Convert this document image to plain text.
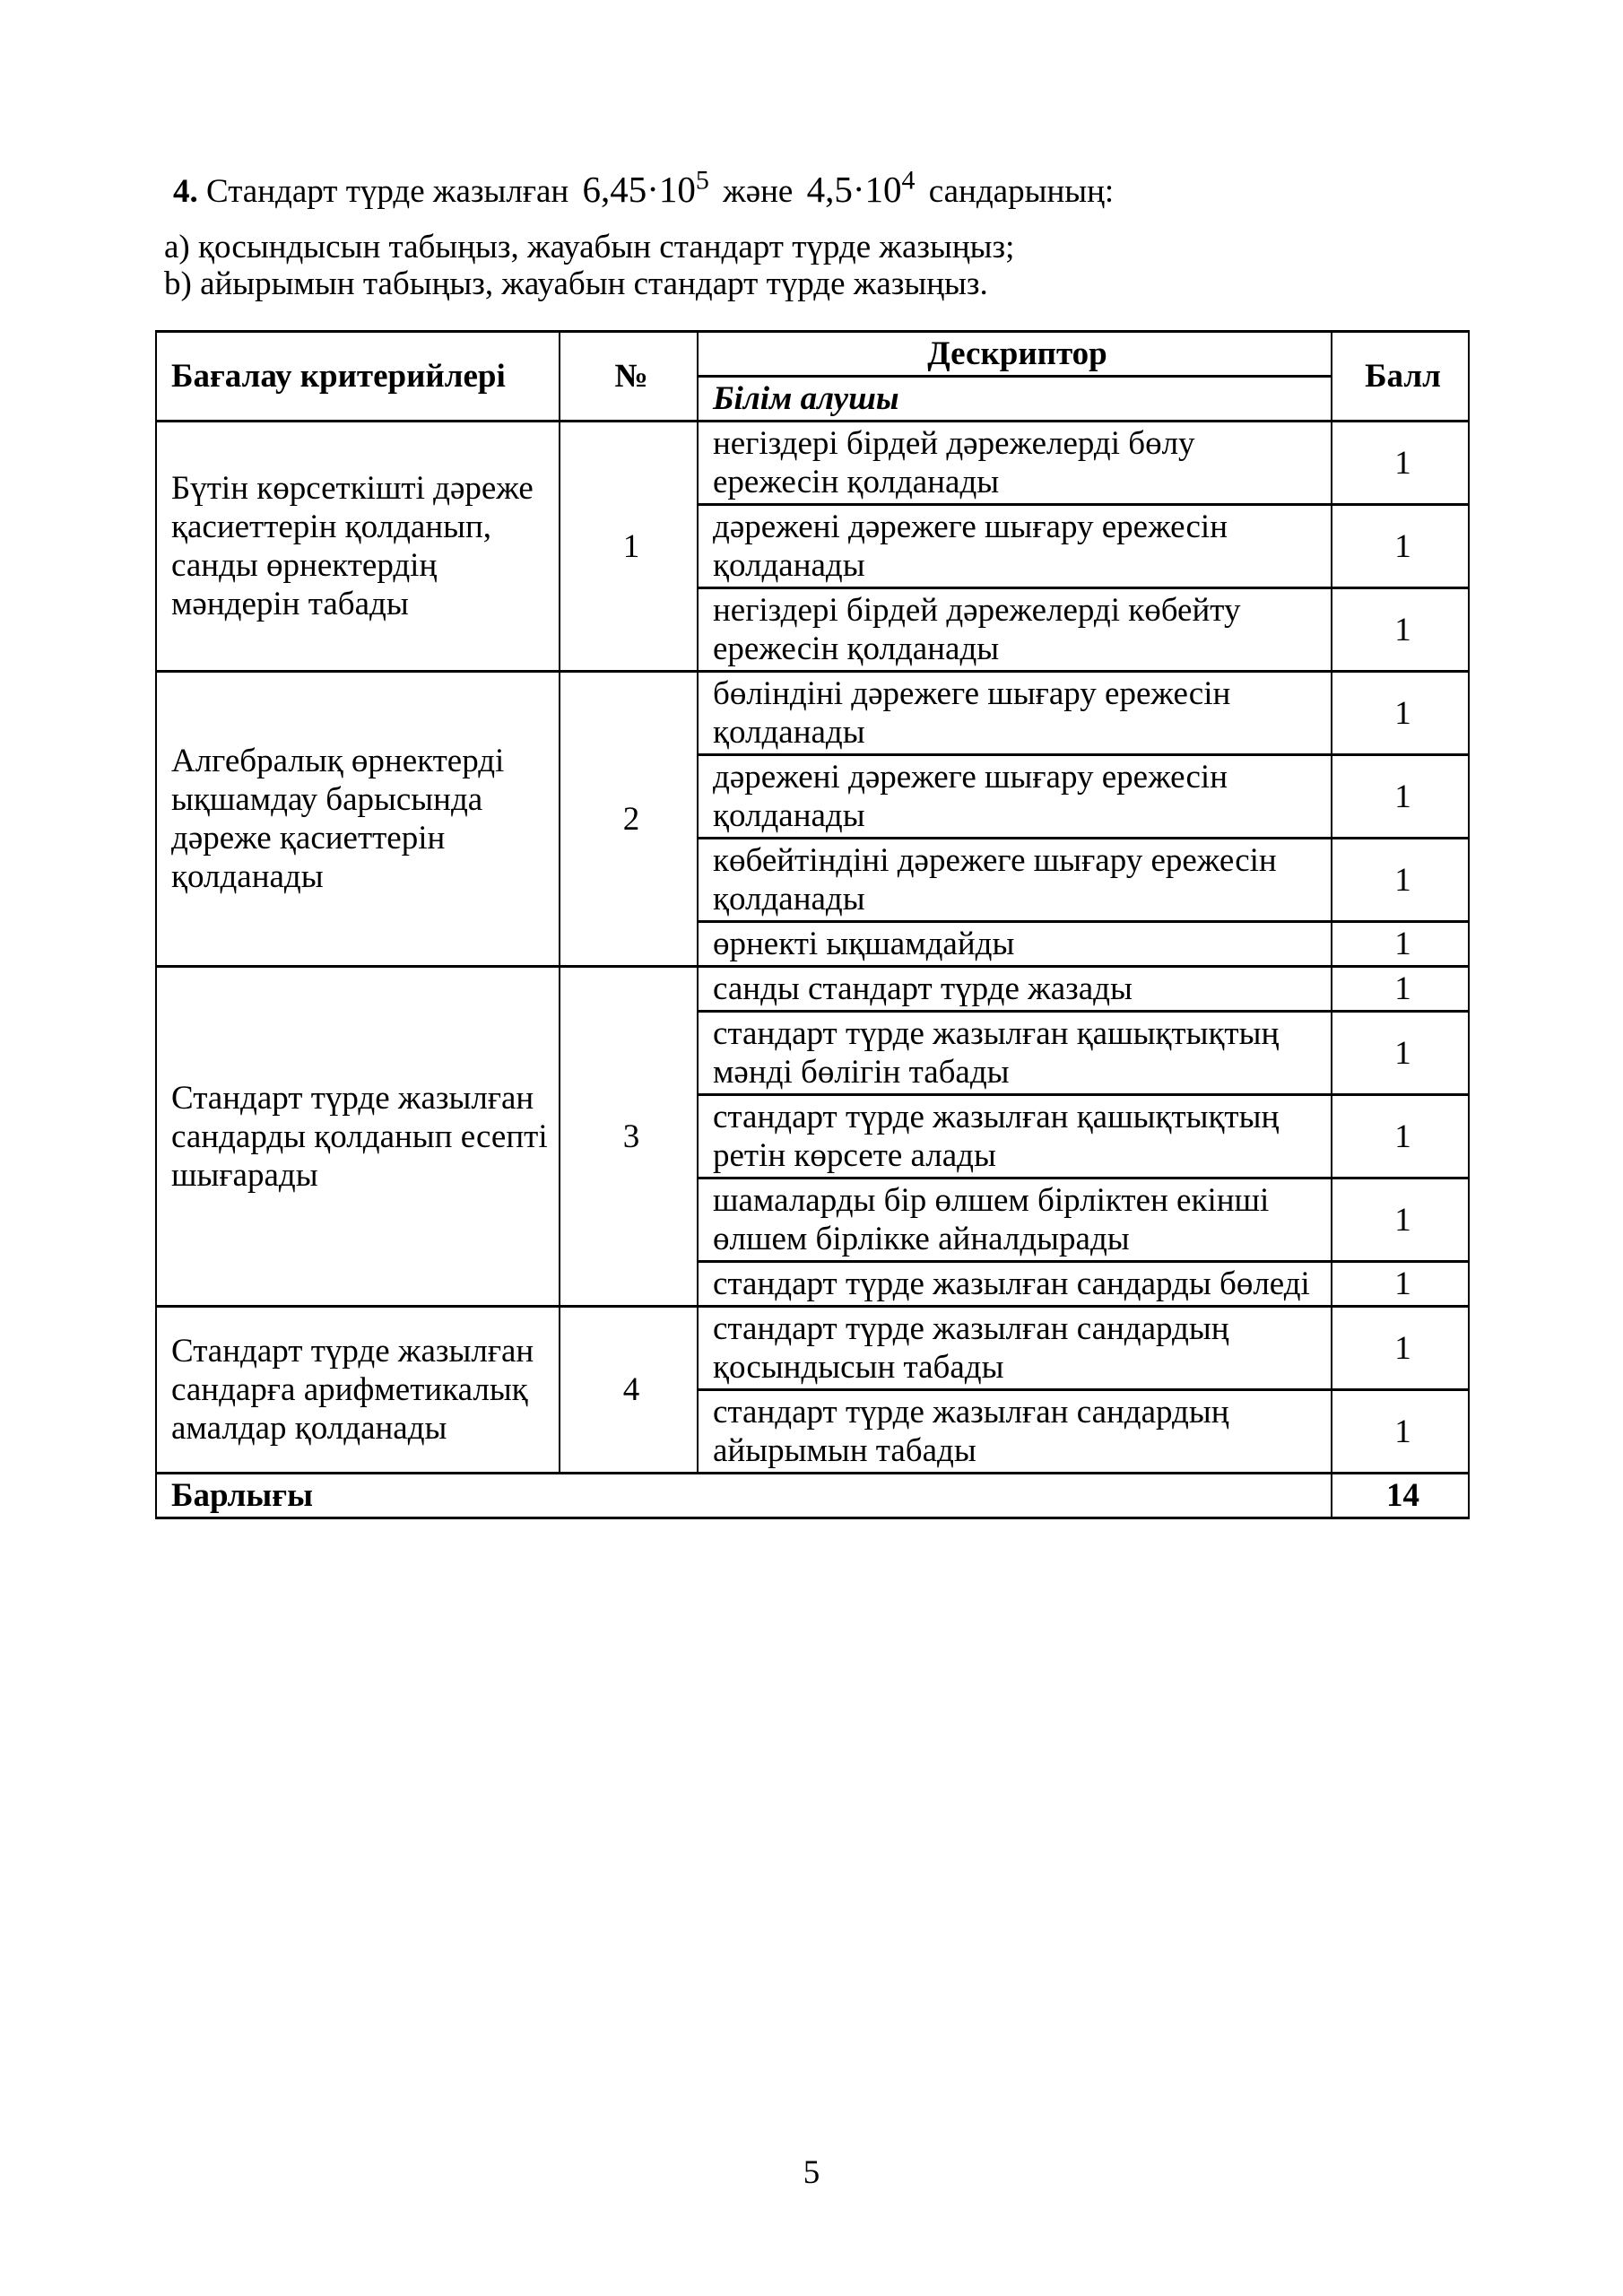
4. Стандарт түрде жазылған $6,45\cdot 10^5$ және $4,5\cdot 10^4$ сандарының:

a) қосындысын табыңыз, жауабын стандарт түрде жазыңыз;

b) айырымын табыңыз, жауабын стандарт түрде жазыңыз.

Бағалау критерийлері	№	Дескриптор	Балл
		Білім алушы	
Бүтін көрсеткішті дәреже қасиеттерін қолданып, санды өрнектердің мәндерін табады	1	негіздері бірдей дәрежелерді бөлу ережесін қолданады	1
		дәрежені дәрежеге шығару ережесін қолданады	1
		негіздері бірдей дәрежелерді көбейту ережесін қолданады	1
Алгебралық өрнектерді ықшамдау барысында дәреже қасиеттерін қолданады	2	бөліндіні дәрежеге шығару ережесін қолданады	1
		дәрежені дәрежеге шығару ережесін қолданады	1
		көбейтіндіні дәрежеге шығару ережесін қолданады	1
		өрнекті ықшамдайды	1
Стандарт түрде жазылған сандарды қолданып есепті шығарады	3	санды стандарт түрде жазады	1
		стандарт түрде жазылған қашықтықтың мәнді бөлігін табады	1
		стандарт түрде жазылған қашықтықтың ретін көрсете алады	1
		шамаларды бір өлшем бірліктен екінші өлшем бірлікке айналдырады	1
		стандарт түрде жазылған сандарды бөледі	1
Стандарт түрде жазылған сандарға арифметикалық амалдар қолданады	4	стандарт түрде жазылған сандардың қосындысын табады	1
		стандарт түрде жазылған сандардың айырымын табады	1
Барлығы			14
5
